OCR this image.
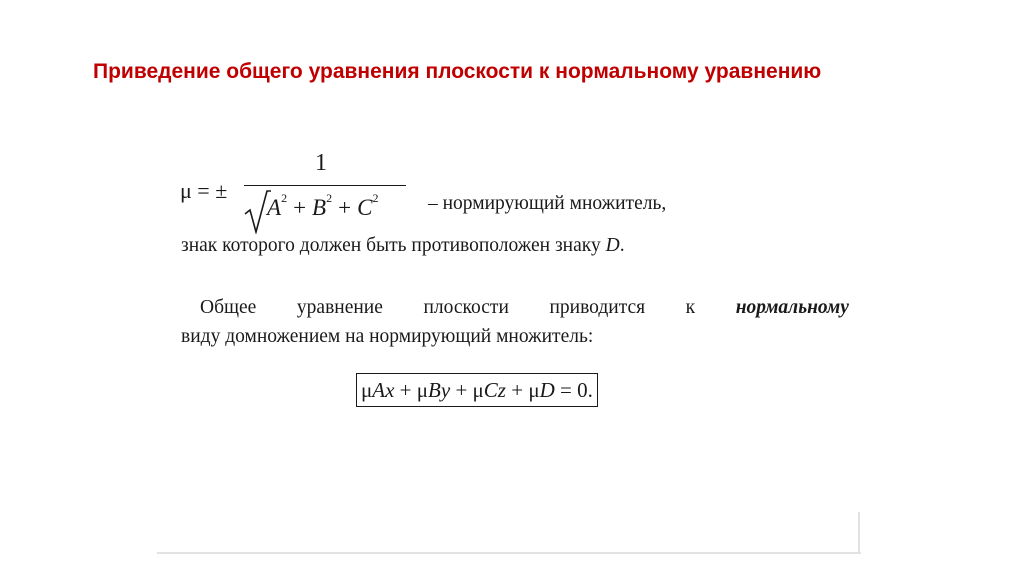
Приведение общего уравнения плоскости к нормальному уравнению
μ = ±
1
$A^2 + B^2 + C^2$	– нормирующий множитель,
знак которого должен быть противоположен знаку D.
Общее уравнение плоскости приводится к нормальному
виду домножением на нормирующий множитель:
μAx + μBy + μCz + μD = 0.
